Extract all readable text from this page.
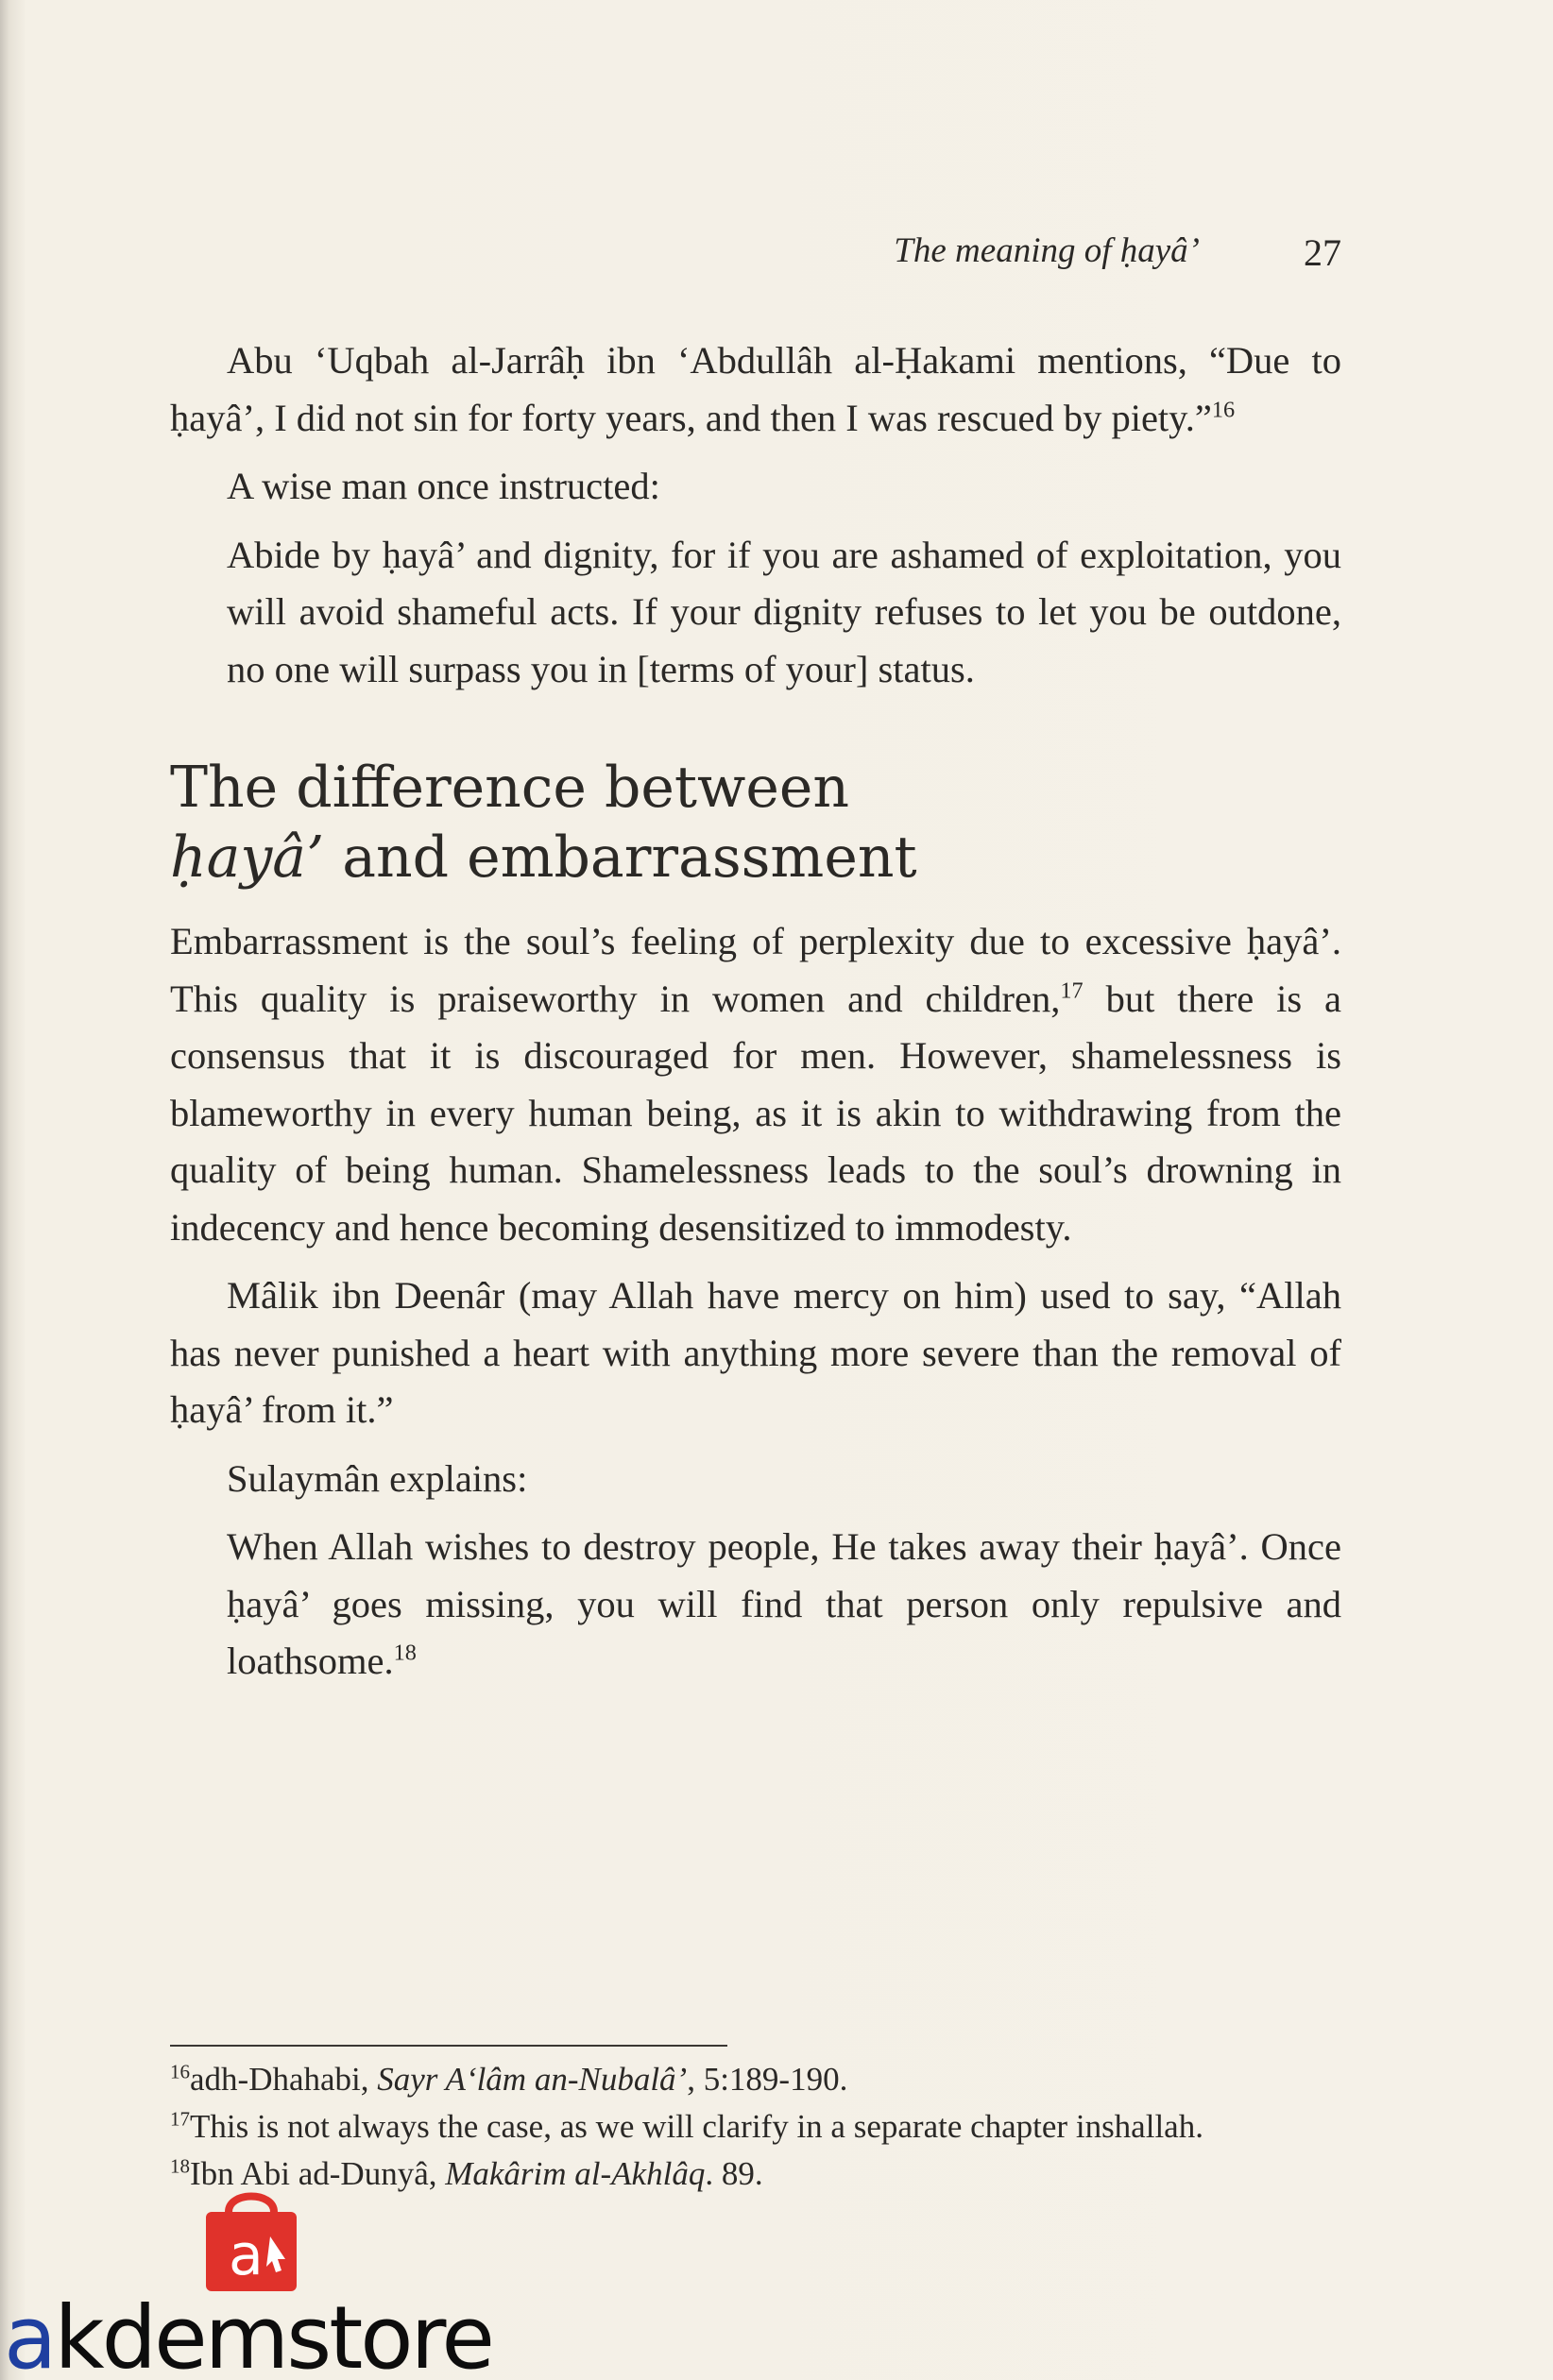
The meaning of ḥayâ’	27

Abu ‘Uqbah al-Jarrâḥ ibn ‘Abdullâh al-Ḥakami mentions, “Due to ḥayâ’, I did not sin for forty years, and then I was rescued by piety.”$^{16}$

A wise man once instructed:

Abide by ḥayâ’ and dignity, for if you are ashamed of exploitation, you will avoid shameful acts. If your dignity refuses to let you be outdone, no one will surpass you in [terms of your] status.

The difference between
ḥayâ’ and embarrassment

Embarrassment is the soul’s feeling of perplexity due to excessive ḥayâ’. This quality is praiseworthy in women and children,$^{17}$ but there is a consensus that it is discouraged for men. However, shamelessness is blameworthy in every human being, as it is akin to withdrawing from the quality of being human. Shamelessness leads to the soul’s drowning in indecency and hence becoming desensitized to immodesty.

Mâlik ibn Deenâr (may Allah have mercy on him) used to say, “Allah has never punished a heart with anything more severe than the removal of ḥayâ’ from it.”

Sulaymân explains:

When Allah wishes to destroy people, He takes away their ḥayâ’. Once ḥayâ’ goes missing, you will find that person only repulsive and loathsome.$^{18}$

$^{16}$adh-Dhahabi, Sayr A‘lâm an-Nubalâ’, 5:189-190.

$^{17}$This is not always the case, as we will clarify in a separate chapter inshallah.

$^{18}$Ibn Abi ad-Dunyâ, Makârim al-Akhlâq. 89.

a
akdemstore
